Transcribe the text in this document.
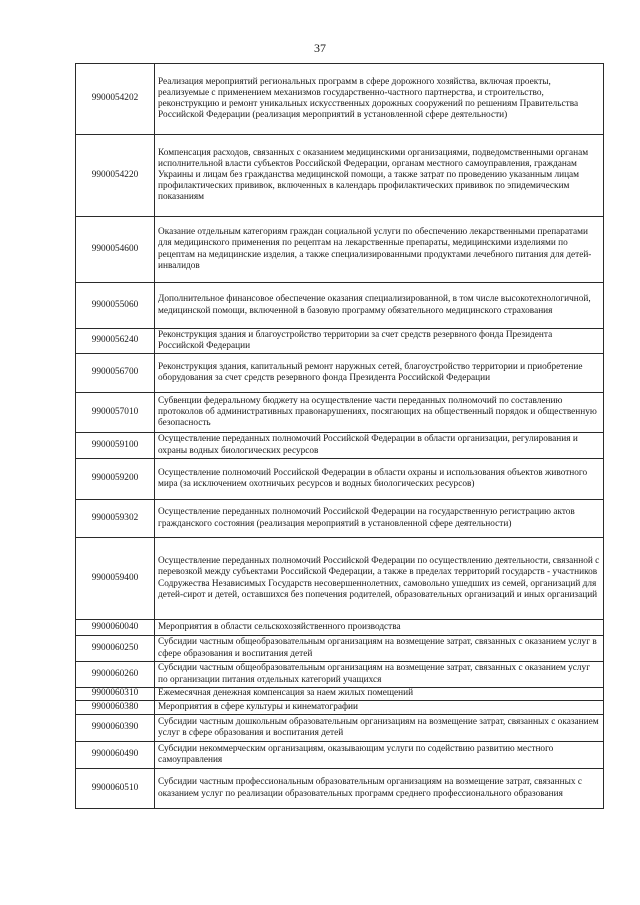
37
9900054202	Реализация мероприятий региональных программ в сфере дорожного хозяйства, включая проекты, реализуемые с применением механизмов государственно-частного партнерства, и строительство, реконструкцию и ремонт уникальных искусственных дорожных сооружений по решениям Правительства Российской Федерации (реализация мероприятий в установленной сфере деятельности)
9900054220	Компенсация расходов, связанных с оказанием медицинскими организациями, подведомственными органам исполнительной власти субъектов Российской Федерации, органам местного самоуправления, гражданам Украины и лицам без гражданства медицинской помощи, а также затрат по проведению указанным лицам профилактических прививок, включенных в календарь профилактических прививок по эпидемическим показаниям
9900054600	Оказание отдельным категориям граждан социальной услуги по обеспечению лекарственными препаратами для медицинского применения по рецептам на лекарственные препараты, медицинскими изделиями по рецептам на медицинские изделия, а также специализированными продуктами лечебного питания для детей-инвалидов
9900055060	Дополнительное финансовое обеспечение оказания специализированной, в том числе высокотехнологичной, медицинской помощи, включенной в базовую программу обязательного медицинского страхования
9900056240	Реконструкция здания и благоустройство территории за счет средств резервного фонда Президента Российской Федерации
9900056700	Реконструкция здания, капитальный ремонт наружных сетей, благоустройство территории и приобретение оборудования за счет средств резервного фонда Президента Российской Федерации
9900057010	Субвенции федеральному бюджету на осуществление части переданных полномочий по составлению протоколов об административных правонарушениях, посягающих на общественный порядок и общественную безопасность
9900059100	Осуществление переданных полномочий Российской Федерации в области организации, регулирования и охраны водных биологических ресурсов
9900059200	Осуществление полномочий Российской Федерации в области охраны и использования объектов животного мира (за исключением охотничьих ресурсов и водных биологических ресурсов)
9900059302	Осуществление переданных полномочий Российской Федерации на государственную регистрацию актов гражданского состояния (реализация мероприятий в установленной сфере деятельности)
9900059400	Осуществление переданных полномочий Российской Федерации по осуществлению деятельности, связанной с перевозкой между субъектами Российской Федерации, а также в пределах территорий государств - участников Содружества Независимых Государств несовершеннолетних, самовольно ушедших из семей, организаций для детей-сирот и детей, оставшихся без попечения родителей, образовательных организаций и иных организаций
9900060040	Мероприятия в области сельскохозяйственного производства
9900060250	Субсидии частным общеобразовательным организациям на возмещение затрат, связанных с оказанием услуг в сфере образования и воспитания детей
9900060260	Субсидии частным общеобразовательным организациям на возмещение затрат, связанных с оказанием услуг по организации питания отдельных категорий учащихся
9900060310	Ежемесячная денежная компенсация за наем жилых помещений
9900060380	Мероприятия в сфере культуры и кинематографии
9900060390	Субсидии частным дошкольным образовательным организациям на возмещение затрат, связанных с оказанием услуг в сфере образования и воспитания детей
9900060490	Субсидии некоммерческим организациям, оказывающим услуги по содействию развитию местного самоуправления
9900060510	Субсидии частным профессиональным образовательным организациям на возмещение затрат, связанных с оказанием услуг по реализации образовательных программ среднего профессионального образования
